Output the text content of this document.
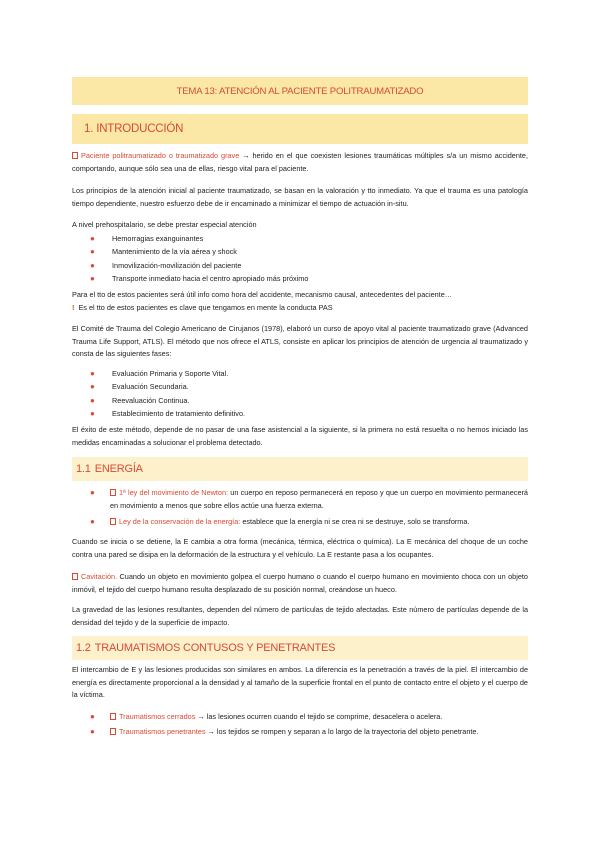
TEMA 13: ATENCIÓN AL PACIENTE POLITRAUMATIZADO
1. INTRODUCCIÓN
Paciente politraumatizado o traumatizado grave → herido en el que coexisten lesiones traumáticas múltiples s/a un mismo accidente, comportando, aunque sólo sea una de ellas, riesgo vital para el paciente.
Los principios de la atención inicial al paciente traumatizado, se basan en la valoración y tto inmediato. Ya que el trauma es una patología tiempo dependiente, nuestro esfuerzo debe de ir encaminado a minimizar el tiempo de actuación in-situ.
A nivel prehospitalario, se debe prestar especial atención
● Hemorragias exanguinantes
● Mantenimiento de la vía aérea y shock
● Inmovilización-movilización del paciente
● Transporte inmediato hacia el centro apropiado más próximo
Para el tto de estos pacientes será útil info como hora del accidente, mecanismo causal, antecedentes del paciente…
! Es el tto de estos pacientes es clave que tengamos en mente la conducta PAS
El Comité de Trauma del Colegio Americano de Cirujanos (1978), elaboró un curso de apoyo vital al paciente traumatizado grave (Advanced Trauma Life Support, ATLS). El método que nos ofrece el ATLS, consiste en aplicar los principios de atención de urgencia al traumatizado y consta de las siguientes fases:
● Evaluación Primaria y Soporte Vital.
● Evaluación Secundaria.
● Reevaluación Continua.
● Establecimiento de tratamiento definitivo.
El éxito de este método, depende de no pasar de una fase asistencial a la siguiente, si la primera no está resuelta o no hemos iniciado las medidas encaminadas a solucionar el problema detectado.
1.1 ENERGÍA
●	1ª ley del movimiento de Newton: un cuerpo en reposo permanecerá en reposo y que un cuerpo en movimiento permanecerá en movimiento a menos que sobre ellos actúe una fuerza externa.
●	Ley de la conservación de la energía: establece que la energía ni se crea ni se destruye, solo se transforma.
Cuando se inicia o se detiene, la E cambia a otra forma (mecánica, térmica, eléctrica o química). La E mecánica del choque de un coche contra una pared se disipa en la deformación de la estructura y el vehículo. La E restante pasa a los ocupantes.
Cavitación. Cuando un objeto en movimiento golpea el cuerpo humano o cuando el cuerpo humano en movimiento choca con un objeto inmóvil, el tejido del cuerpo humano resulta desplazado de su posición normal, creándose un hueco.
La gravedad de las lesiones resultantes, dependen del número de partículas de tejido afectadas. Este número de partículas depende de la densidad del tejido y de la superficie de impacto.
1.2 TRAUMATISMOS CONTUSOS Y PENETRANTES
El intercambio de E y las lesiones producidas son similares en ambos. La diferencia es la penetración a través de la piel. El intercambio de energía es directamente proporcional a la densidad y al tamaño de la superficie frontal en el punto de contacto entre el objeto y el cuerpo de la víctima.
●	Traumatismos cerrados → las lesiones ocurren cuando el tejido se comprime, desacelera o acelera.
●	Traumatismos penetrantes → los tejidos se rompen y separan a lo largo de la trayectoria del objeto penetrante.
